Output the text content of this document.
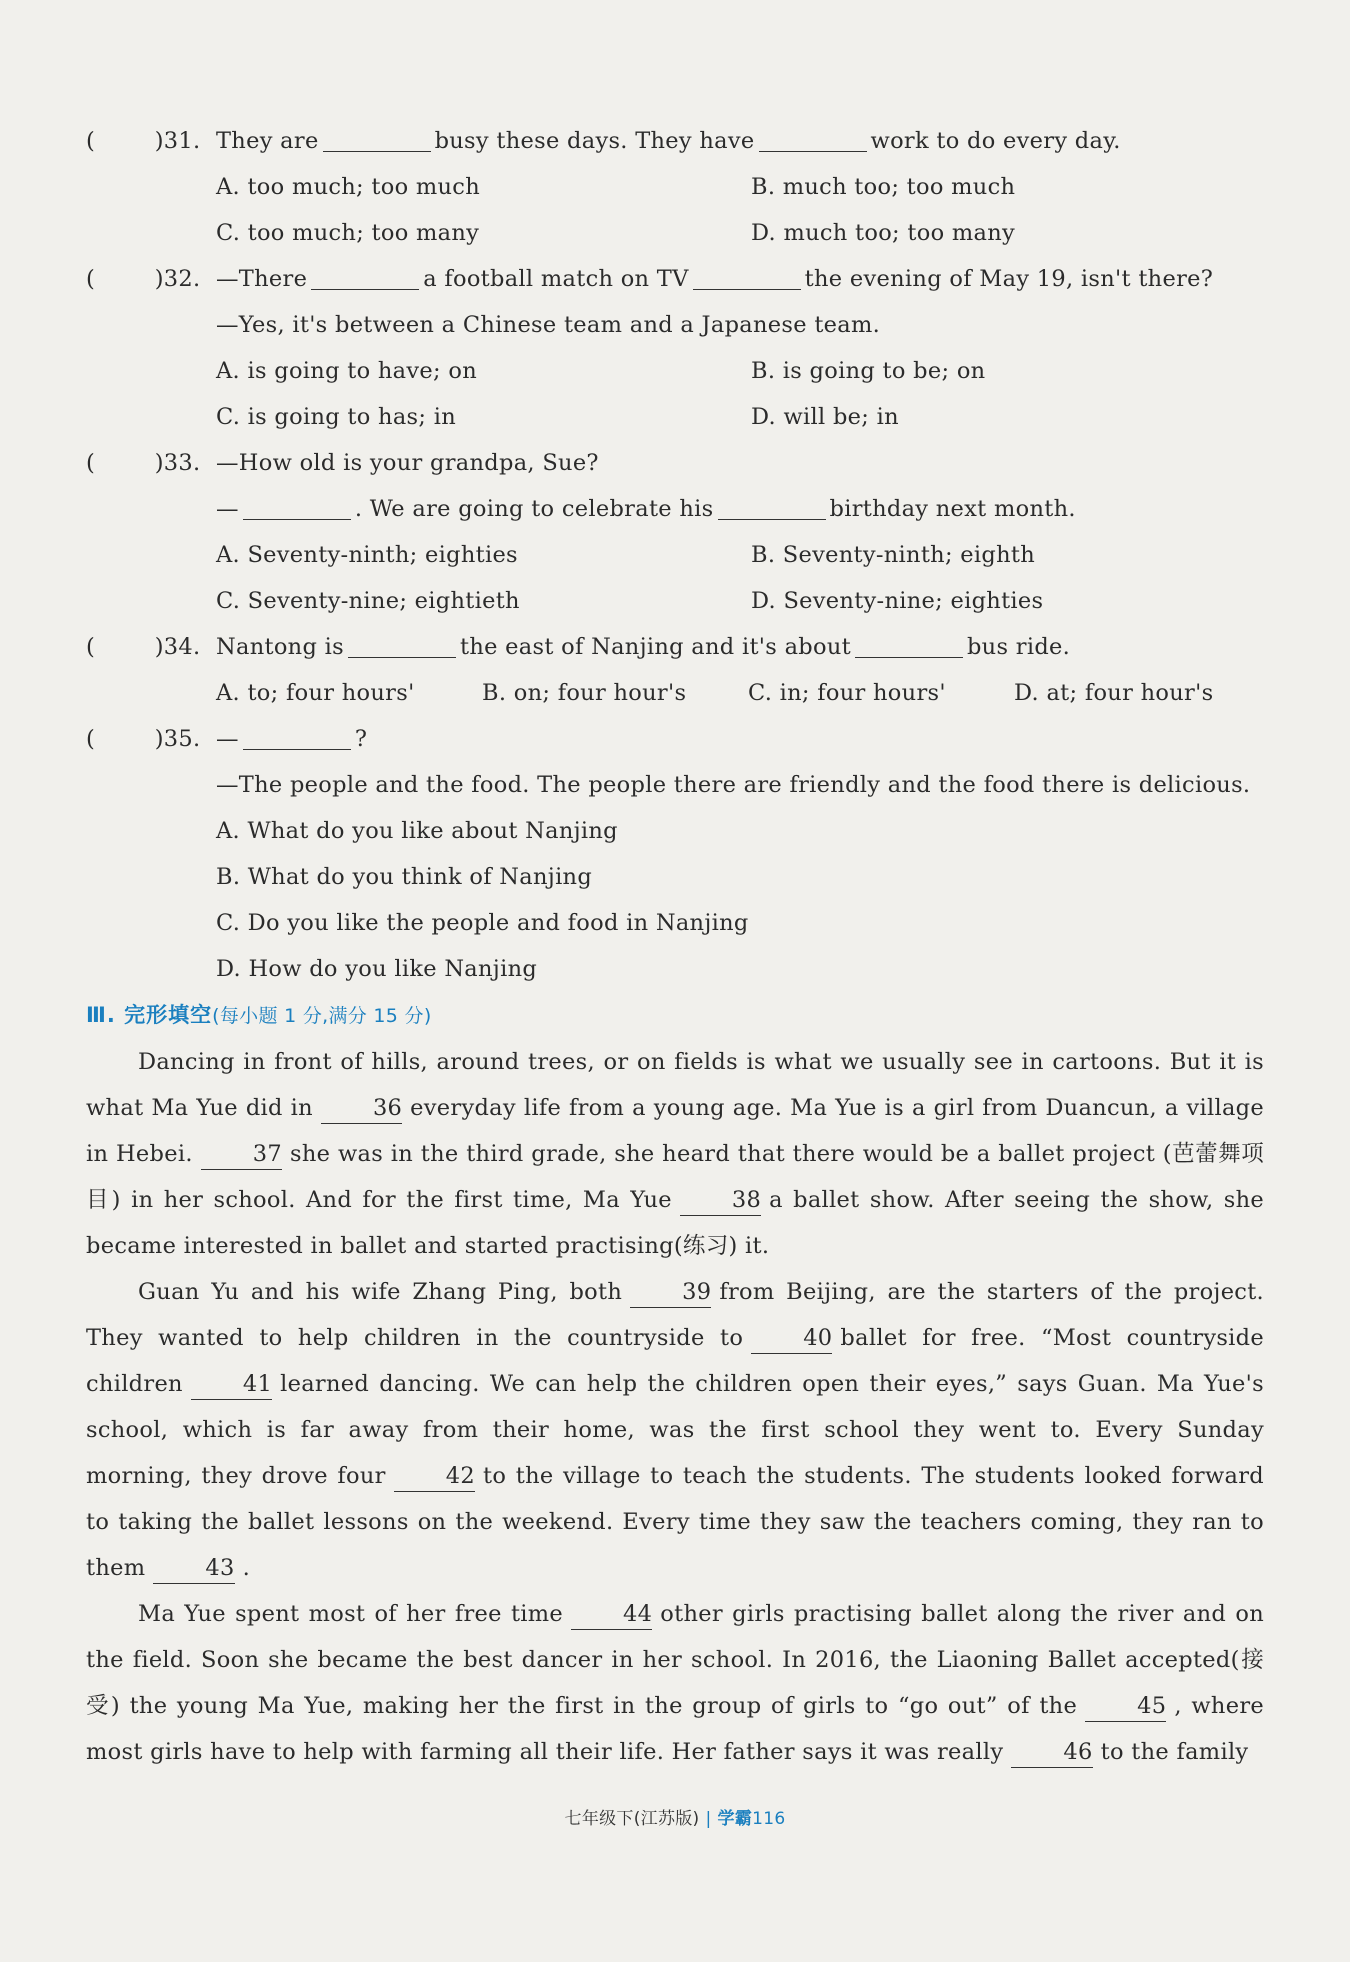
(        )31. They are	busy these days. They have	work to do every day.
A. too much; too much	B. much too; too much
C. too much; too many	D. much too; too many
(        )32. —There	a football match on TV	the evening of May 19, isn't there?
—Yes, it's between a Chinese team and a Japanese team.
A. is going to have; on	B. is going to be; on
C. is going to has; in	D. will be; in
(        )33. —How old is your grandpa, Sue?
—	. We are going to celebrate his	birthday next month.
A. Seventy-ninth; eighties	B. Seventy-ninth; eighth
C. Seventy-nine; eightieth	D. Seventy-nine; eighties
(        )34. Nantong is	the east of Nanjing and it's about	bus ride.
A. to; four hours'	B. on; four hour's	C. in; four hours'	D. at; four hour's
(        )35. —	?
—The people and the food. The people there are friendly and the food there is delicious.
A. What do you like about Nanjing
B. What do you think of Nanjing
C. Do you like the people and food in Nanjing
D. How do you like Nanjing
Ⅲ. 完形填空(每小题 1 分,满分 15 分)
Dancing in front of hills, around trees, or on fields is what we usually see in cartoons. But it is what Ma Yue did in	36 everyday life from a young age. Ma Yue is a girl from Duancun, a village in Hebei.	37 she was in the third grade, she heard that there would be a ballet project (芭蕾舞项目) in her school. And for the first time, Ma Yue	38 a ballet show. After seeing the show, she became interested in ballet and started practising(练习) it.
Guan Yu and his wife Zhang Ping, both	39 from Beijing, are the starters of the project. They wanted to help children in the countryside to	40 ballet for free. “Most countryside children	41 learned dancing. We can help the children open their eyes,” says Guan. Ma Yue's school, which is far away from their home, was the first school they went to. Every Sunday morning, they drove four	42 to the village to teach the students. The students looked forward to taking the ballet lessons on the weekend. Every time they saw the teachers coming, they ran to them	43 .
Ma Yue spent most of her free time	44 other girls practising ballet along the river and on the field. Soon she became the best dancer in her school. In 2016, the Liaoning Ballet accepted(接受) the young Ma Yue, making her the first in the group of girls to “go out” of the	45 , where most girls have to help with farming all their life. Her father says it was really	46 to the family
七年级下(江苏版) | 学霸116
